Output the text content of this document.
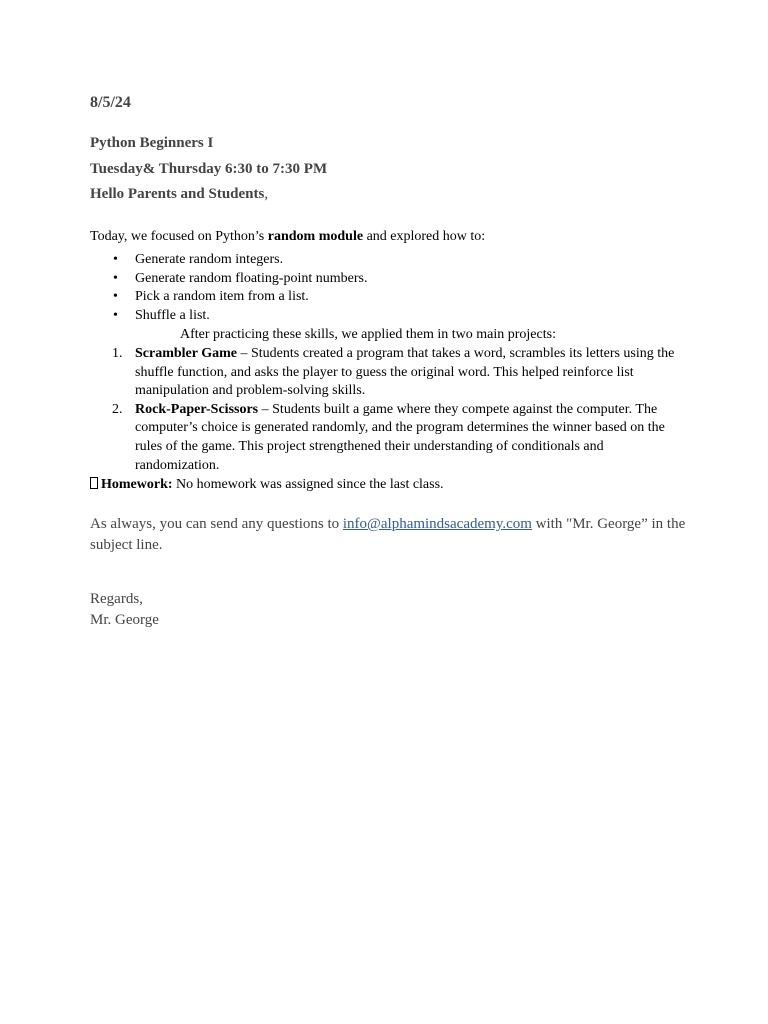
8/5/24
Python Beginners I
Tuesday& Thursday 6:30 to 7:30 PM
Hello Parents and Students,
Today, we focused on Python’s random module and explored how to:
• Generate random integers.
• Generate random floating-point numbers.
• Pick a random item from a list.
• Shuffle a list.
After practicing these skills, we applied them in two main projects:
1. Scrambler Game – Students created a program that takes a word, scrambles its letters using the shuffle function, and asks the player to guess the original word. This helped reinforce list manipulation and problem-solving skills.
2. Rock-Paper-Scissors – Students built a game where they compete against the computer. The computer’s choice is generated randomly, and the program determines the winner based on the rules of the game. This project strengthened their understanding of conditionals and randomization.
Homework: No homework was assigned since the last class.
As always, you can send any questions to info@alphamindsacademy.com with "Mr. George” in the subject line.
Regards,
Mr. George
